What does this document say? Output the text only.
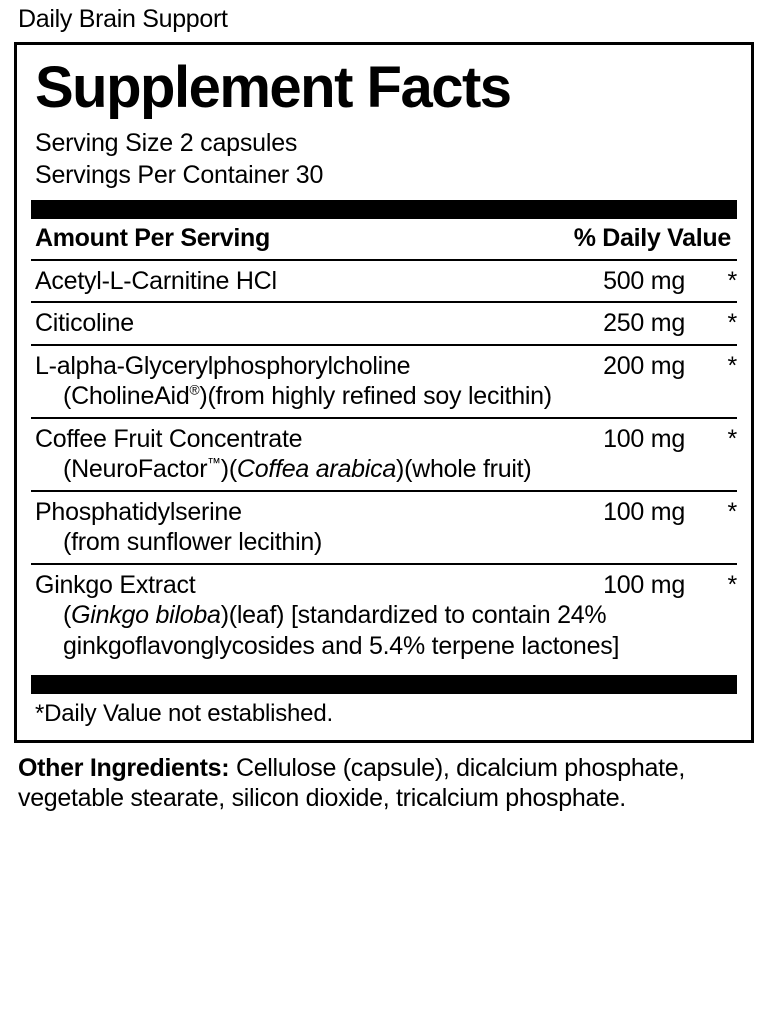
Daily Brain Support
Supplement Facts
Serving Size 2 capsules
Servings Per Container 30
Amount Per Serving	% Daily Value
Acetyl-L-Carnitine HCl	500 mg	*
Citicoline	250 mg	*
L-alpha-Glycerylphosphorylcholine	200 mg	*
(CholineAid®)(from highly refined soy lecithin)
Coffee Fruit Concentrate	100 mg	*
(NeuroFactor™)(Coffea arabica)(whole fruit)
Phosphatidylserine	100 mg	*
(from sunflower lecithin)
Ginkgo Extract	100 mg	*
(Ginkgo biloba)(leaf) [standardized to contain 24% ginkgoflavonglycosides and 5.4% terpene lactones]
*Daily Value not established.
Other Ingredients: Cellulose (capsule), dicalcium phosphate, vegetable stearate, silicon dioxide, tricalcium phosphate.
